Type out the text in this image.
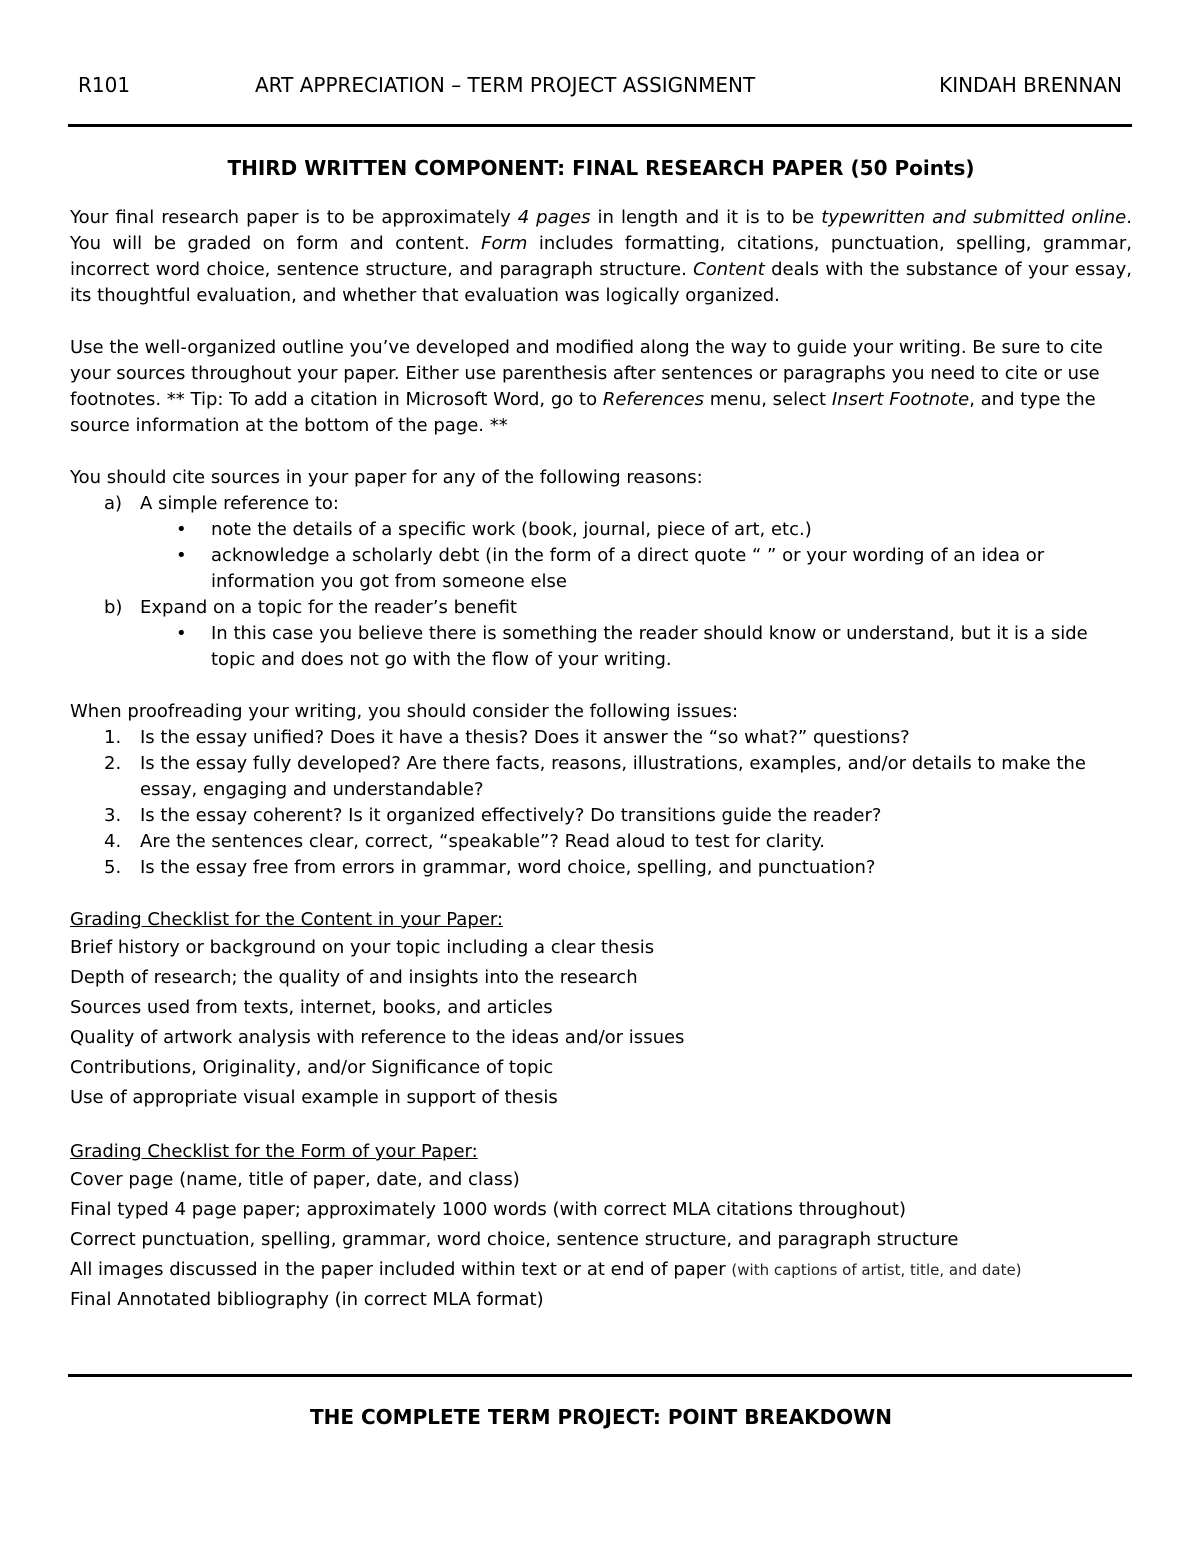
R101	ART APPRECIATION – TERM PROJECT ASSIGNMENT	KINDAH BRENNAN
THIRD WRITTEN COMPONENT: FINAL RESEARCH PAPER (50 Points)

Your final research paper is to be approximately 4 pages in length and it is to be typewritten and submitted online. You will be graded on form and content. Form includes formatting, citations, punctuation, spelling, grammar, incorrect word choice, sentence structure, and paragraph structure. Content deals with the substance of your essay, its thoughtful evaluation, and whether that evaluation was logically organized.

Use the well-organized outline you’ve developed and modified along the way to guide your writing. Be sure to cite your sources throughout your paper. Either use parenthesis after sentences or paragraphs you need to cite or use footnotes. ** Tip: To add a citation in Microsoft Word, go to References menu, select Insert Footnote, and type the source information at the bottom of the page. **

You should cite sources in your paper for any of the following reasons:

a) A simple reference to:
• note the details of a specific work (book, journal, piece of art, etc.)
• acknowledge a scholarly debt (in the form of a direct quote “ ” or your wording of an idea or information you got from someone else
b) Expand on a topic for the reader’s benefit
• In this case you believe there is something the reader should know or understand, but it is a side topic and does not go with the flow of your writing.

When proofreading your writing, you should consider the following issues:

1. Is the essay unified? Does it have a thesis? Does it answer the “so what?” questions?
2. Is the essay fully developed? Are there facts, reasons, illustrations, examples, and/or details to make the essay, engaging and understandable?
3. Is the essay coherent? Is it organized effectively? Do transitions guide the reader?
4. Are the sentences clear, correct, “speakable”? Read aloud to test for clarity.
5. Is the essay free from errors in grammar, word choice, spelling, and punctuation?

Grading Checklist for the Content in your Paper:

Brief history or background on your topic including a clear thesis

Depth of research; the quality of and insights into the research

Sources used from texts, internet, books, and articles

Quality of artwork analysis with reference to the ideas and/or issues

Contributions, Originality, and/or Significance of topic

Use of appropriate visual example in support of thesis

Grading Checklist for the Form of your Paper:

Cover page (name, title of paper, date, and class)

Final typed 4 page paper; approximately 1000 words (with correct MLA citations throughout)

Correct punctuation, spelling, grammar, word choice, sentence structure, and paragraph structure

All images discussed in the paper included within text or at end of paper (with captions of artist, title, and date)

Final Annotated bibliography (in correct MLA format)

THE COMPLETE TERM PROJECT: POINT BREAKDOWN
